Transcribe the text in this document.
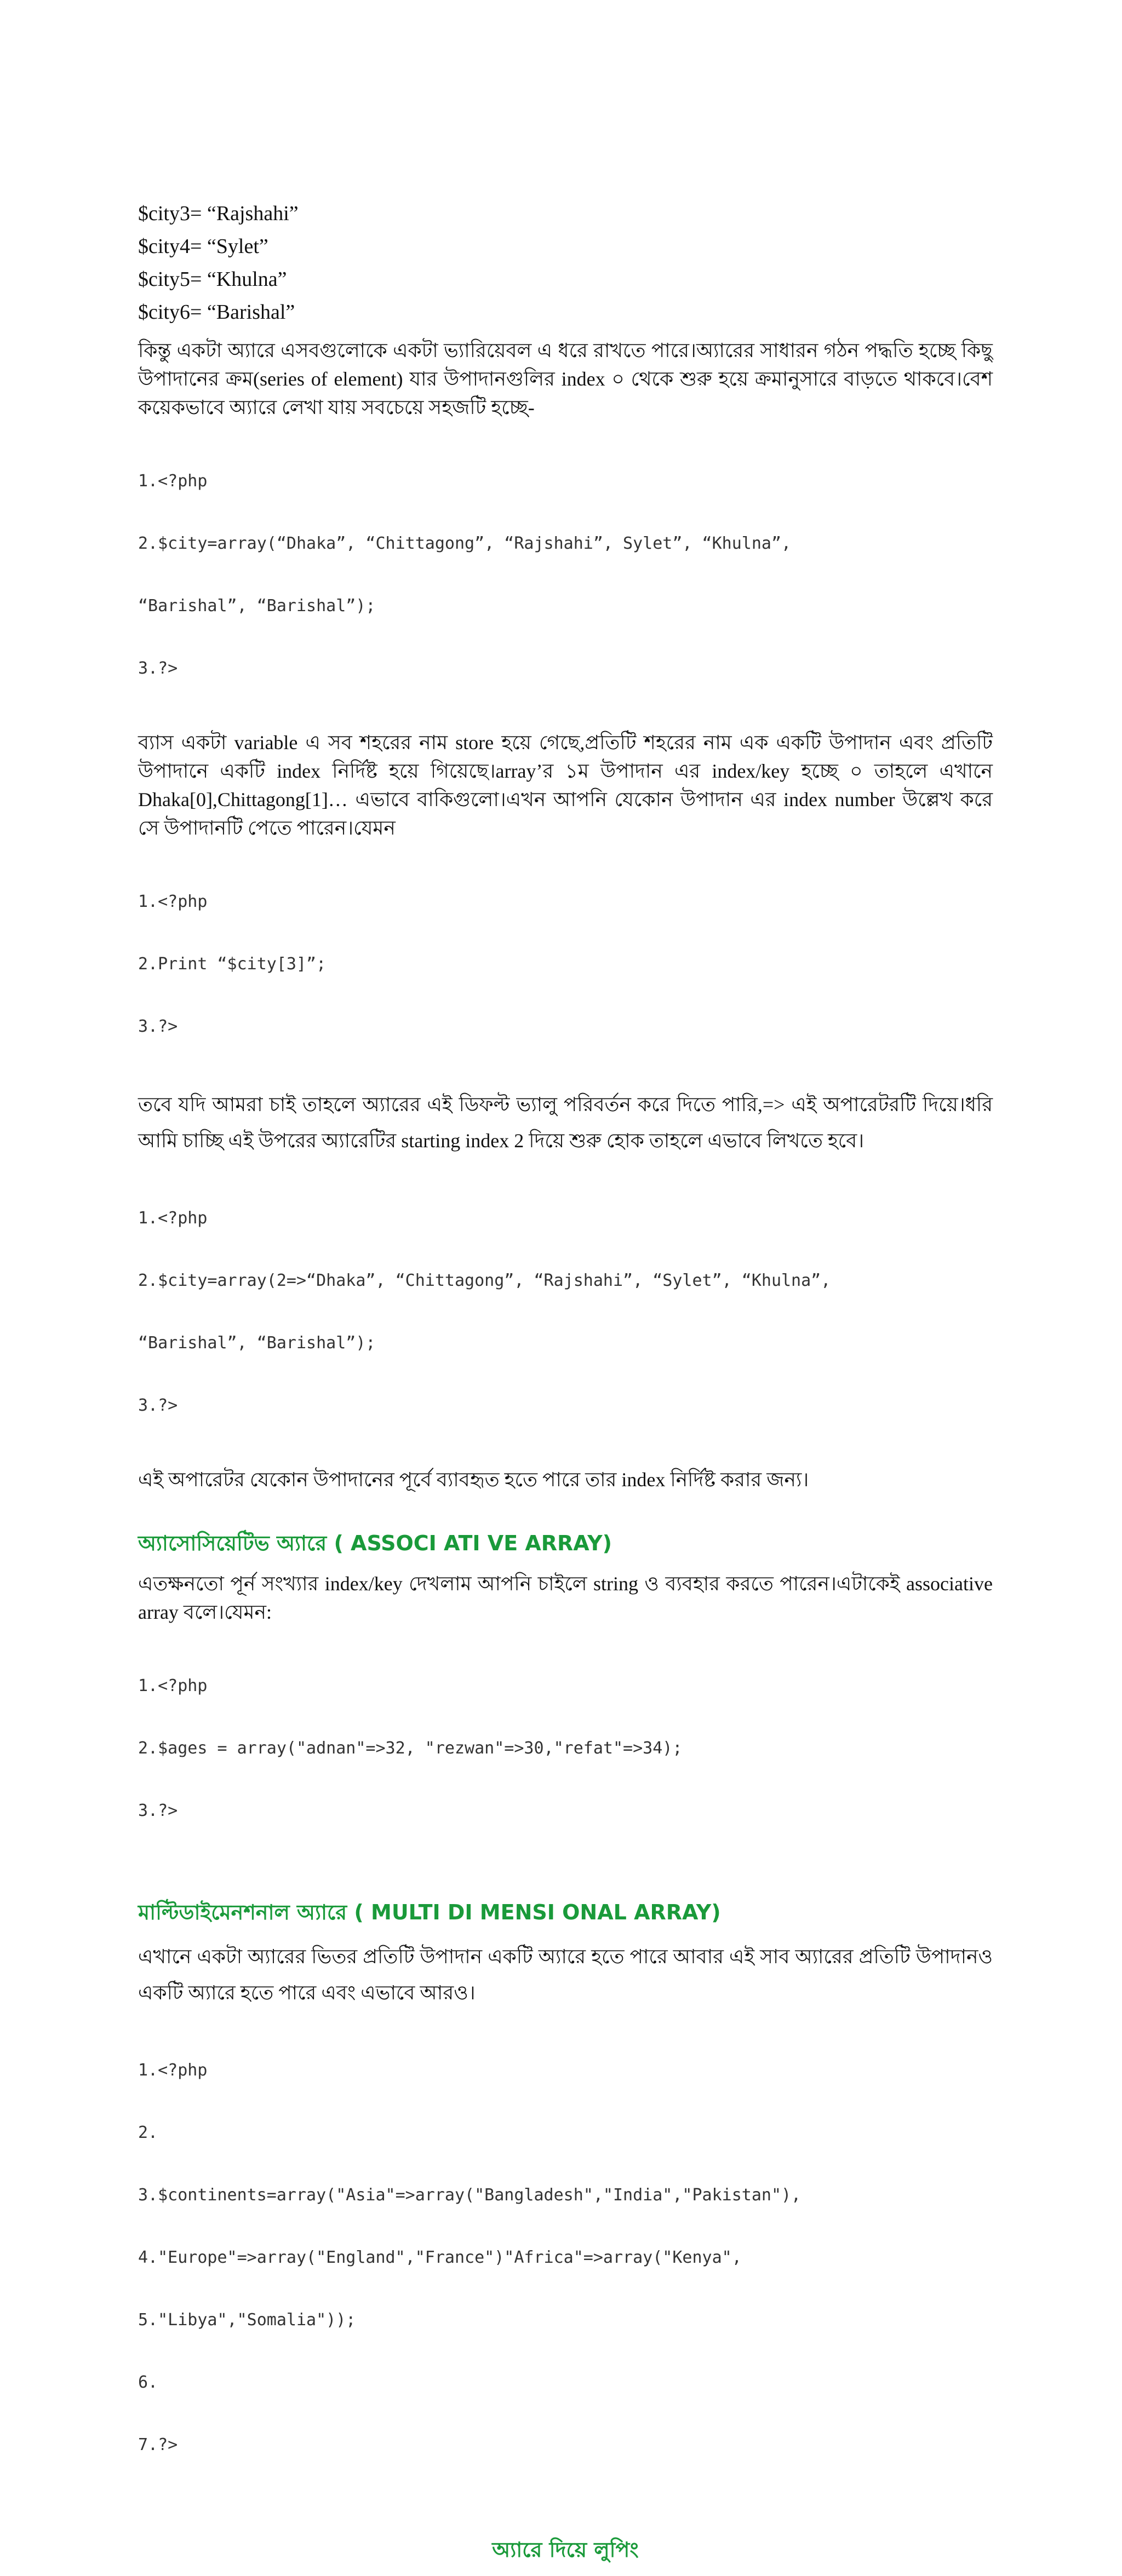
$city3= “Rajshahi”

$city4= “Sylet”

$city5= “Khulna”

$city6= “Barishal”

কিন্তু একটা অ্যারে এসবগুলোকে একটা ভ্যারিয়েবল এ ধরে রাখতে পারে।অ্যারের সাধারন গঠন পদ্ধতি হচ্ছে কিছু উপাদানের ক্রম(series of element) যার উপাদানগুলির index ০ থেকে শুরু হয়ে ক্রমানুসারে বাড়তে থাকবে।বেশ কয়েকভাবে অ্যারে লেখা যায় সবচেয়ে সহজটি হচ্ছে-

1.<?php

2.$city=array(“Dhaka”, “Chittagong”, “Rajshahi”, Sylet”, “Khulna”,

“Barishal”, “Barishal”);

3.?>

ব্যাস একটা variable এ সব শহরের নাম store হয়ে গেছে,প্রতিটি শহরের নাম এক একটি উপাদান এবং প্রতিটি উপাদানে একটি index নির্দিষ্ট হয়ে গিয়েছে।array’র ১ম উপাদান এর index/key হচ্ছে ০ তাহলে এখানে Dhaka[0],Chittagong[1]… এভাবে বাকিগুলো।এখন আপনি যেকোন উপাদান এর index number উল্লেখ করে সে উপাদানটি পেতে পারেন।যেমন

1.<?php

2.Print “$city[3]”;

3.?>

তবে যদি আমরা চাই তাহলে অ্যারের এই ডিফল্ট ভ্যালু পরিবর্তন করে দিতে পারি,=> এই অপারেটরটি দিয়ে।ধরি আমি চাচ্ছি এই উপরের অ্যারেটির starting index 2 দিয়ে শুরু হোক তাহলে এভাবে লিখতে হবে।

1.<?php

2.$city=array(2=>“Dhaka”, “Chittagong”, “Rajshahi”, “Sylet”, “Khulna”,

“Barishal”, “Barishal”);

3.?>

এই অপারেটর যেকোন উপাদানের পূর্বে ব্যাবহৃত হতে পারে তার index নির্দিষ্ট করার জন্য।

অ্যাসোসিয়েটিভ অ্যারে ( ASSOCI ATI VE ARRAY)

এতক্ষনতো পূর্ন সংখ্যার index/key দেখলাম আপনি চাইলে string ও ব্যবহার করতে পারেন।এটাকেই associative array বলে।যেমন:

1.<?php

2.$ages = array("adnan"=>32, "rezwan"=>30,"refat"=>34);

3.?>

মাল্টিডাইমেনশনাল অ্যারে ( MULTI DI MENSI ONAL ARRAY)

এখানে একটা অ্যারের ভিতর প্রতিটি উপাদান একটি অ্যারে হতে পারে আবার এই সাব অ্যারের প্রতিটি উপাদানও একটি অ্যারে হতে পারে এবং এভাবে আরও।

1.<?php

2.

3.$continents=array("Asia"=>array("Bangladesh","India","Pakistan"),

4."Europe"=>array("England","France")"Africa"=>array("Kenya",

5."Libya","Somalia"));

6.

7.?>

অ্যারে দিয়ে লুপিং
